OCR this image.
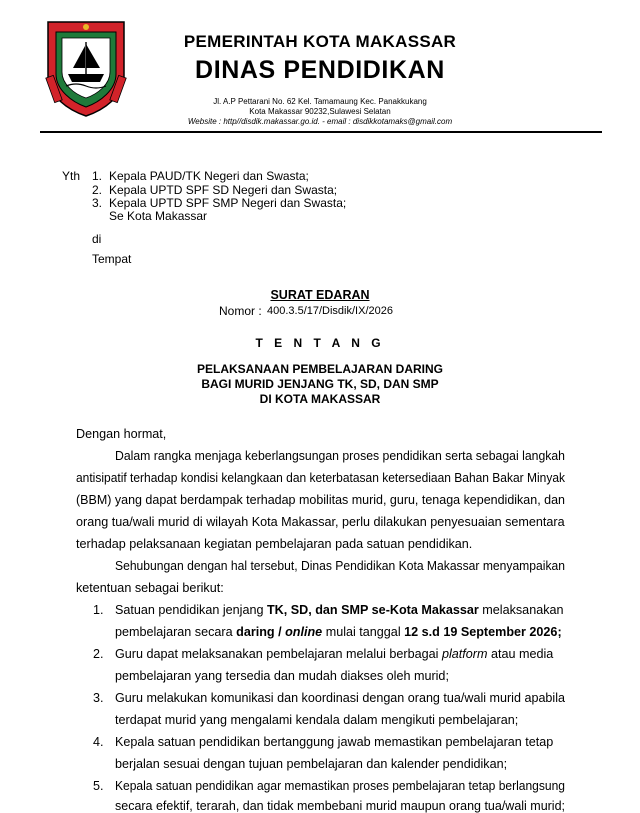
PEMERINTAH KOTA MAKASSAR
DINAS PENDIDIKAN
Jl. A.P Pettarani No. 62 Kel. Tamamaung Kec. Panakkukang
Kota Makassar 90232,Sulawesi Selatan
Website : http//disdik.makassar.go.id. - email : disdikkotamaks@gmail.com
Yth 1. Kepala PAUD/TK Negeri dan Swasta;
2. Kepala UPTD SPF SD Negeri dan Swasta;
3. Kepala UPTD SPF SMP Negeri dan Swasta;
Se Kota Makassar
di
Tempat
SURAT EDARAN
Nomor : 400.3.5/17/Disdik/IX/2026
T E N T A N G
PELAKSANAAN PEMBELAJARAN DARING
BAGI MURID JENJANG TK, SD, DAN SMP
DI KOTA MAKASSAR
Dengan hormat,
Dalam rangka menjaga keberlangsungan proses pendidikan serta sebagai langkah
antisipatif terhadap kondisi kelangkaan dan keterbatasan ketersediaan Bahan Bakar Minyak
(BBM) yang dapat berdampak terhadap mobilitas murid, guru, tenaga kependidikan, dan
orang tua/wali murid di wilayah Kota Makassar, perlu dilakukan penyesuaian sementara
terhadap pelaksanaan kegiatan pembelajaran pada satuan pendidikan.
Sehubungan dengan hal tersebut, Dinas Pendidikan Kota Makassar menyampaikan
ketentuan sebagai berikut:
1. Satuan pendidikan jenjang TK, SD, dan SMP se-Kota Makassar melaksanakan
pembelajaran secara daring / online mulai tanggal 12 s.d 19 September 2026;
2. Guru dapat melaksanakan pembelajaran melalui berbagai platform atau media
pembelajaran yang tersedia dan mudah diakses oleh murid;
3. Guru melakukan komunikasi dan koordinasi dengan orang tua/wali murid apabila
terdapat murid yang mengalami kendala dalam mengikuti pembelajaran;
4. Kepala satuan pendidikan bertanggung jawab memastikan pembelajaran tetap
berjalan sesuai dengan tujuan pembelajaran dan kalender pendidikan;
5. Kepala satuan pendidikan agar memastikan proses pembelajaran tetap berlangsung
secara efektif, terarah, dan tidak membebani murid maupun orang tua/wali murid;
